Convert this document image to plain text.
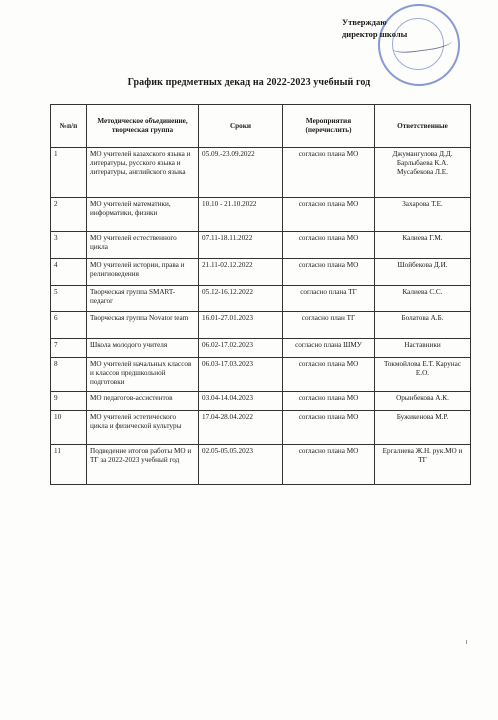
Утверждаю
директор школы
График предметных декад на 2022-2023 учебный год
№п/п	Методическое объединение, творческая группа	Сроки	Мероприятия (перечислить)	Ответственные
1	МО учителей казахского языка и литературы, русского языка и литературы, английского языка	05.09.-23.09.2022	согласно плана МО	Джумангулова Д.Д. Барлыбаева К.А. Мусабекова Л.Е.
2	МО учителей математики, информатики, физики	10.10 - 21.10.2022	согласно плана МО	Захарова Т.Е.
3	МО учителей естественного цикла	07.11-18.11.2022	согласно плана МО	Калиева Г.М.
4	МО учителей истории, права и религиоведения	21.11-02.12.2022	согласно плана МО	Шойбекова Д.И.
5	Творческая группа SMART-педагог	05.12-16.12.2022	согласно плана ТГ	Калиева С.С.
6	Творческая группа Novator team	16.01-27.01.2023	согласно план ТГ	Болатова А.Б.
7	Школа молодого учителя	06.02-17.02.2023	согласно плана ШМУ	Наставники
8	МО учителей начальных классов и классов предшкольной подготовки	06.03-17.03.2023	согласно плана МО	Токмойлова Е.Т. Карунас Е.О.
9	МО педагогов-ассистентов	03.04-14.04.2023	согласно плана МО	Орынбекова А.К.
10	МО учителей эстетического цикла и физической культуры	17.04-28.04.2022	согласно плана МО	Бужикенова М.Р.
11	Подведение итогов работы МО и ТГ за 2022-2023 учебный год	02.05-05.05.2023	согласно плана МО	Ергалиева Ж.Н. рук.МО и ТГ
